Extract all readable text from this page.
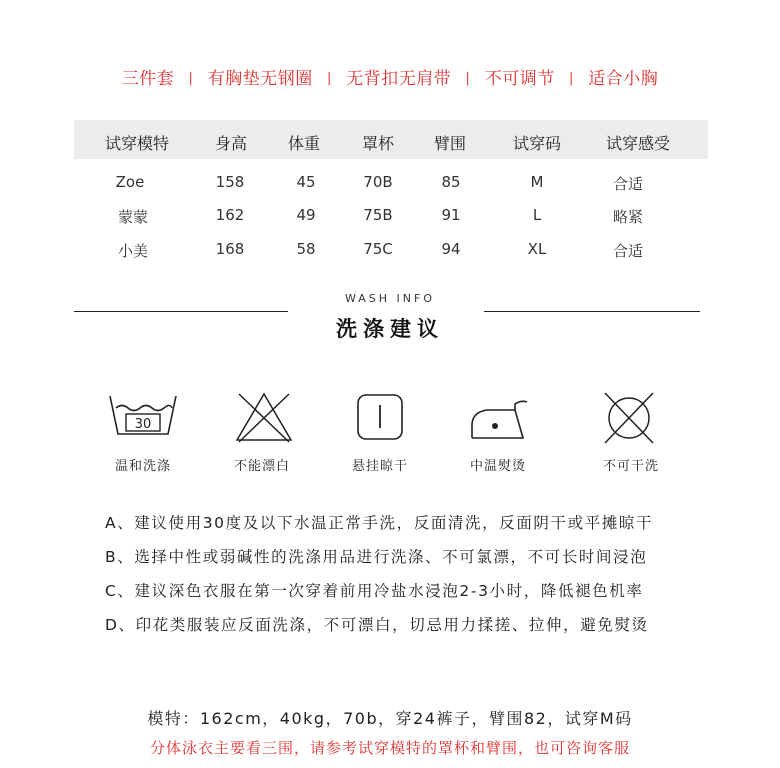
三件套 丨 有胸垫无钢圈 丨 无背扣无肩带 丨 不可调节 丨 适合小胸
试穿模特	身高	体重	罩杯	臂围	试穿码	试穿感受
Zoe	158	45	70B	85	M	合适
蒙蒙	162	49	75B	91	L	略紧
小美	168	58	75C	94	XL	合适
WASH INFO
洗涤建议
30
温和洗涤	不能漂白	悬挂晾干	中温熨烫	不可干洗
A、建议使用30度及以下水温正常手洗，反面清洗，反面阴干或平摊晾干
B、选择中性或弱碱性的洗涤用品进行洗涤、不可氯漂，不可长时间浸泡
C、建议深色衣服在第一次穿着前用冷盐水浸泡2-3小时，降低褪色机率
D、印花类服装应反面洗涤，不可漂白，切忌用力揉搓、拉伸，避免熨烫
模特：162cm，40kg，70b，穿24裤子，臂围82，试穿M码
分体泳衣主要看三围，请参考试穿模特的罩杯和臂围，也可咨询客服
